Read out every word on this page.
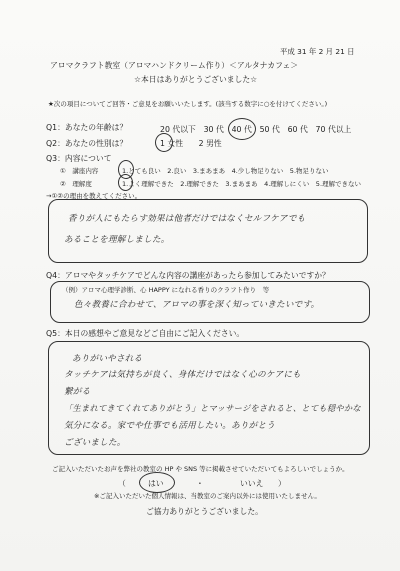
平成 31 年 2 月 21 日
アロマクラフト教室（アロマハンドクリーム作り）＜アルタナカフェ＞
☆本日はありがとうございました☆
★次の項目についてご回答・ご意見をお願いいたします。(該当する数字に○を付けてください。)
Q1：あなたの年齢は？	20 代以下　30 代　40 代　50 代　60 代　70 代以上
Q2：あなたの性別は？	1 女性　　2 男性
Q3：内容について
①　講座内容	1.とても良い　2.良い　3.まあまあ　4.少し物足りない　5.物足りない
②　理解度	1.よく理解できた　2.理解できた　3.まあまあ　4.理解しにくい　5.理解できない
→①②の理由を教えてください。
香りが人にもたらす効果は他者だけではなくセルフケアでも
あることを理解しました。
Q4：アロマやタッチケアでどんな内容の講座があったら参加してみたいですか？
（例）アロマ心理学診断、心 HAPPY になれる香りのクラフト作り　等
色々教養に合わせて、アロマの事を深く知っていきたいです。
Q5：本日の感想やご意見などご自由にご記入ください。
ありがいやされる
タッチケアは気持ちが良く、身体だけではなく心のケアにも
繋がる
「生まれてきてくれてありがとう」とマッサージをされると、とても穏やかな
気分になる。家でや仕事でも活用したい。ありがとう
ございました。
ご記入いただいたお声を弊社の教室の HP や SNS 等に掲載させていただいてもよろしいでしょうか。
（	はい	・	いいえ ）
※ご記入いただいた個人情報は、当教室のご案内以外には使用いたしません。
ご協力ありがとうございました。
